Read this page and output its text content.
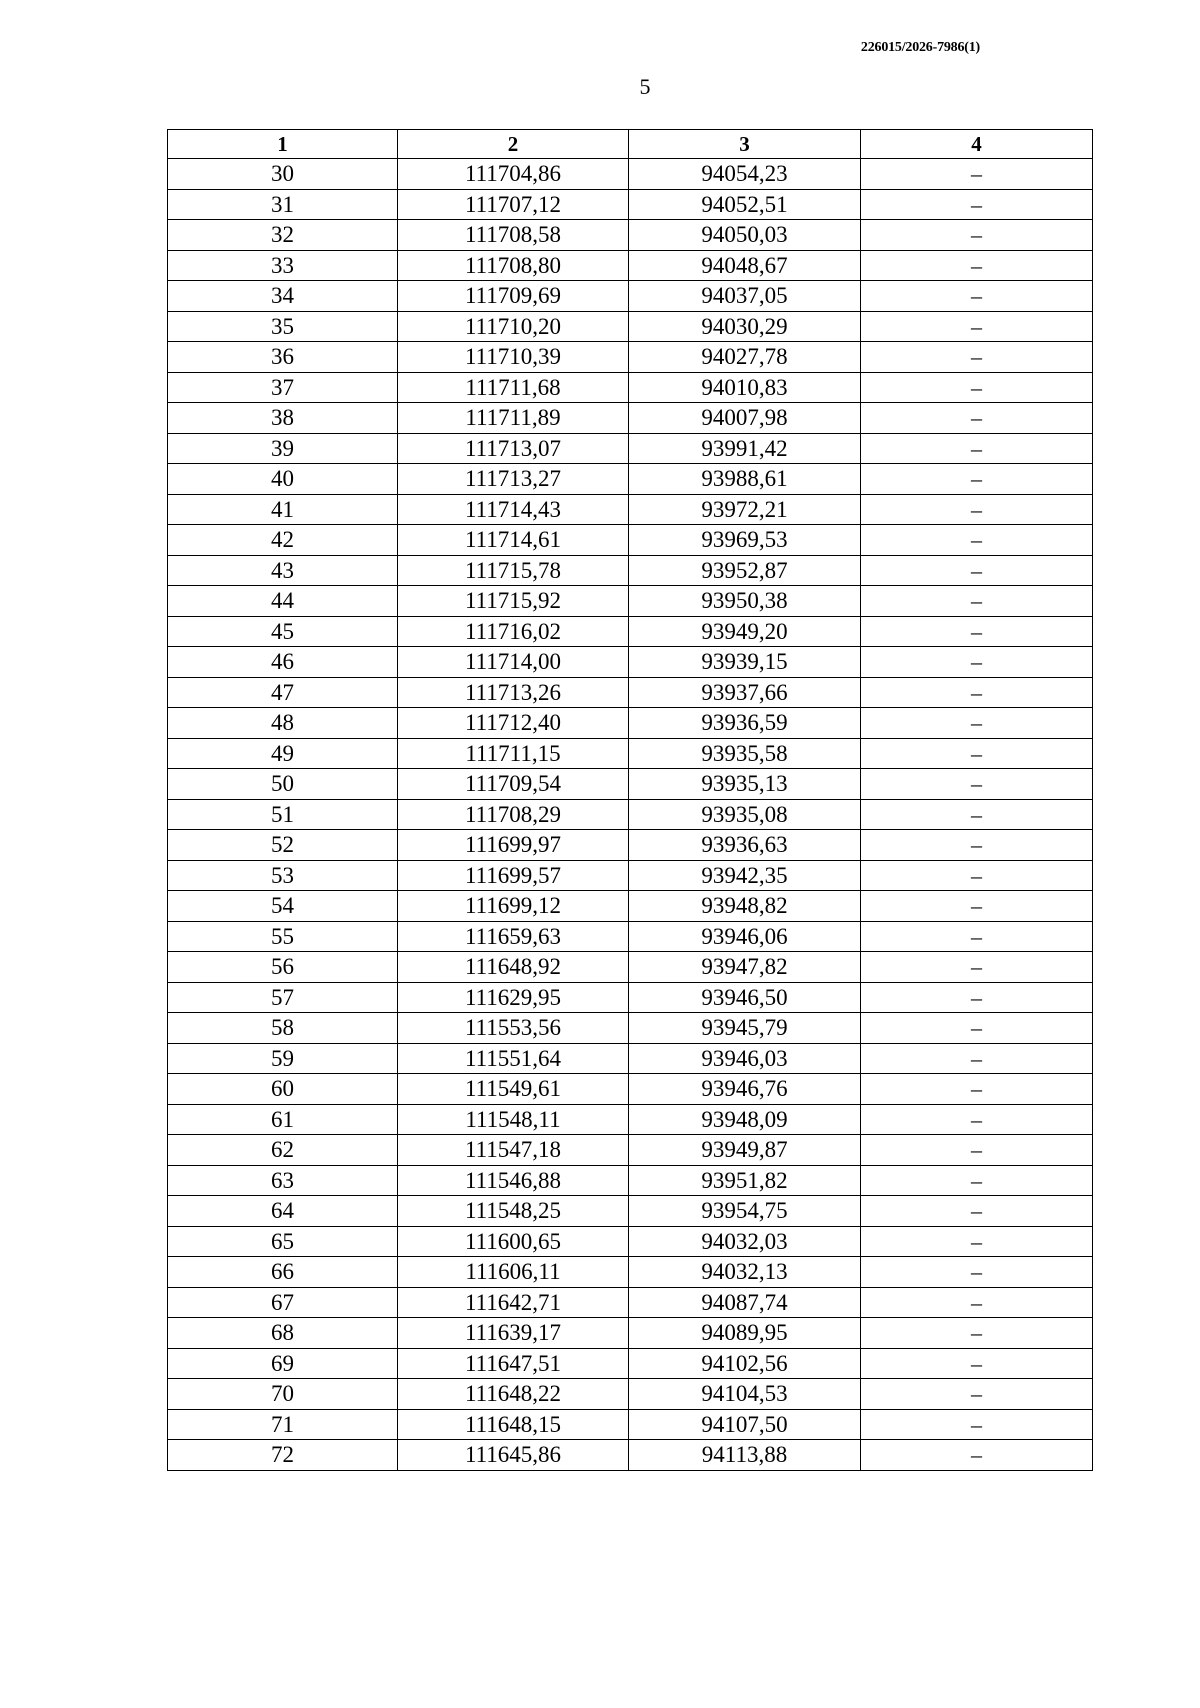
226015/2026-7986(1)
5
1	2	3	4
30	111704,86	94054,23	–
31	111707,12	94052,51	–
32	111708,58	94050,03	–
33	111708,80	94048,67	–
34	111709,69	94037,05	–
35	111710,20	94030,29	–
36	111710,39	94027,78	–
37	111711,68	94010,83	–
38	111711,89	94007,98	–
39	111713,07	93991,42	–
40	111713,27	93988,61	–
41	111714,43	93972,21	–
42	111714,61	93969,53	–
43	111715,78	93952,87	–
44	111715,92	93950,38	–
45	111716,02	93949,20	–
46	111714,00	93939,15	–
47	111713,26	93937,66	–
48	111712,40	93936,59	–
49	111711,15	93935,58	–
50	111709,54	93935,13	–
51	111708,29	93935,08	–
52	111699,97	93936,63	–
53	111699,57	93942,35	–
54	111699,12	93948,82	–
55	111659,63	93946,06	–
56	111648,92	93947,82	–
57	111629,95	93946,50	–
58	111553,56	93945,79	–
59	111551,64	93946,03	–
60	111549,61	93946,76	–
61	111548,11	93948,09	–
62	111547,18	93949,87	–
63	111546,88	93951,82	–
64	111548,25	93954,75	–
65	111600,65	94032,03	–
66	111606,11	94032,13	–
67	111642,71	94087,74	–
68	111639,17	94089,95	–
69	111647,51	94102,56	–
70	111648,22	94104,53	–
71	111648,15	94107,50	–
72	111645,86	94113,88	–
